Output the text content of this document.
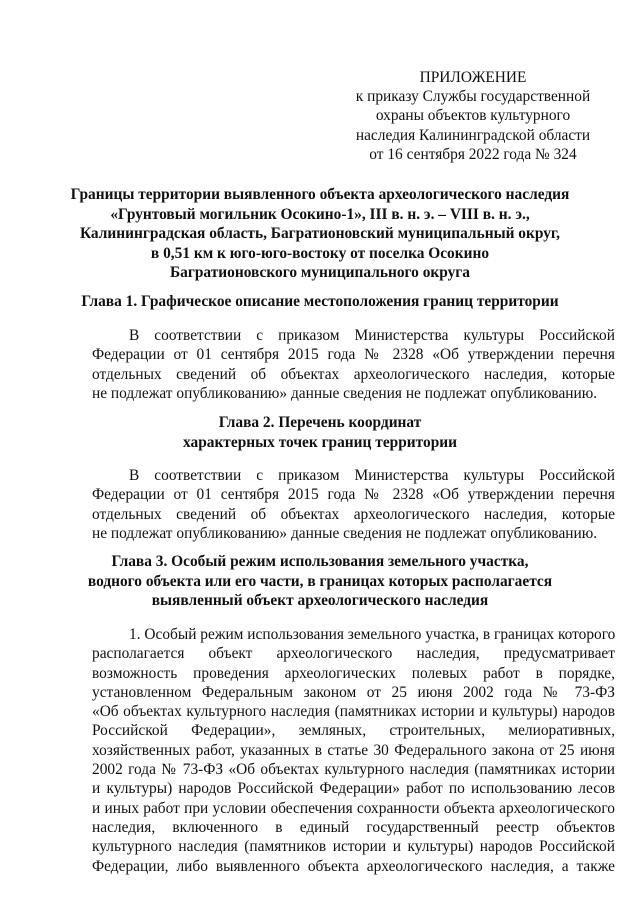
ПРИЛОЖЕНИЕ
к приказу Службы государственной
охраны объектов культурного
наследия Калининградской области
от 16 сентября 2022 года № 324
Границы территории выявленного объекта археологического наследия
«Грунтовый могильник Осокино-1», III в. н. э. – VIII в. н. э.,
Калининградская область, Багратионовский муниципальный округ,
в 0,51 км к юго-юго-востоку от поселка Осокино
Багратионовского муниципального округа
Глава 1. Графическое описание местоположения границ территории
В соответствии с приказом Министерства культуры Российской
Федерации от 01 сентября 2015 года № 2328 «Об утверждении перечня
отдельных сведений об объектах археологического наследия, которые
не подлежат опубликованию» данные сведения не подлежат опубликованию.
Глава 2. Перечень координат
характерных точек границ территории
В соответствии с приказом Министерства культуры Российской
Федерации от 01 сентября 2015 года № 2328 «Об утверждении перечня
отдельных сведений об объектах археологического наследия, которые
не подлежат опубликованию» данные сведения не подлежат опубликованию.
Глава 3. Особый режим использования земельного участка,
водного объекта или его части, в границах которых располагается
выявленный объект археологического наследия
1. Особый режим использования земельного участка, в границах которого
располагается объект археологического наследия, предусматривает
возможность проведения археологических полевых работ в порядке,
установленном Федеральным законом от 25 июня 2002 года № 73-ФЗ
«Об объектах культурного наследия (памятниках истории и культуры) народов
Российской Федерации», земляных, строительных, мелиоративных,
хозяйственных работ, указанных в статье 30 Федерального закона от 25 июня
2002 года № 73-ФЗ «Об объектах культурного наследия (памятниках истории
и культуры) народов Российской Федерации» работ по использованию лесов
и иных работ при условии обеспечения сохранности объекта археологического
наследия, включенного в единый государственный реестр объектов
культурного наследия (памятников истории и культуры) народов Российской
Федерации, либо выявленного объекта археологического наследия, а также
